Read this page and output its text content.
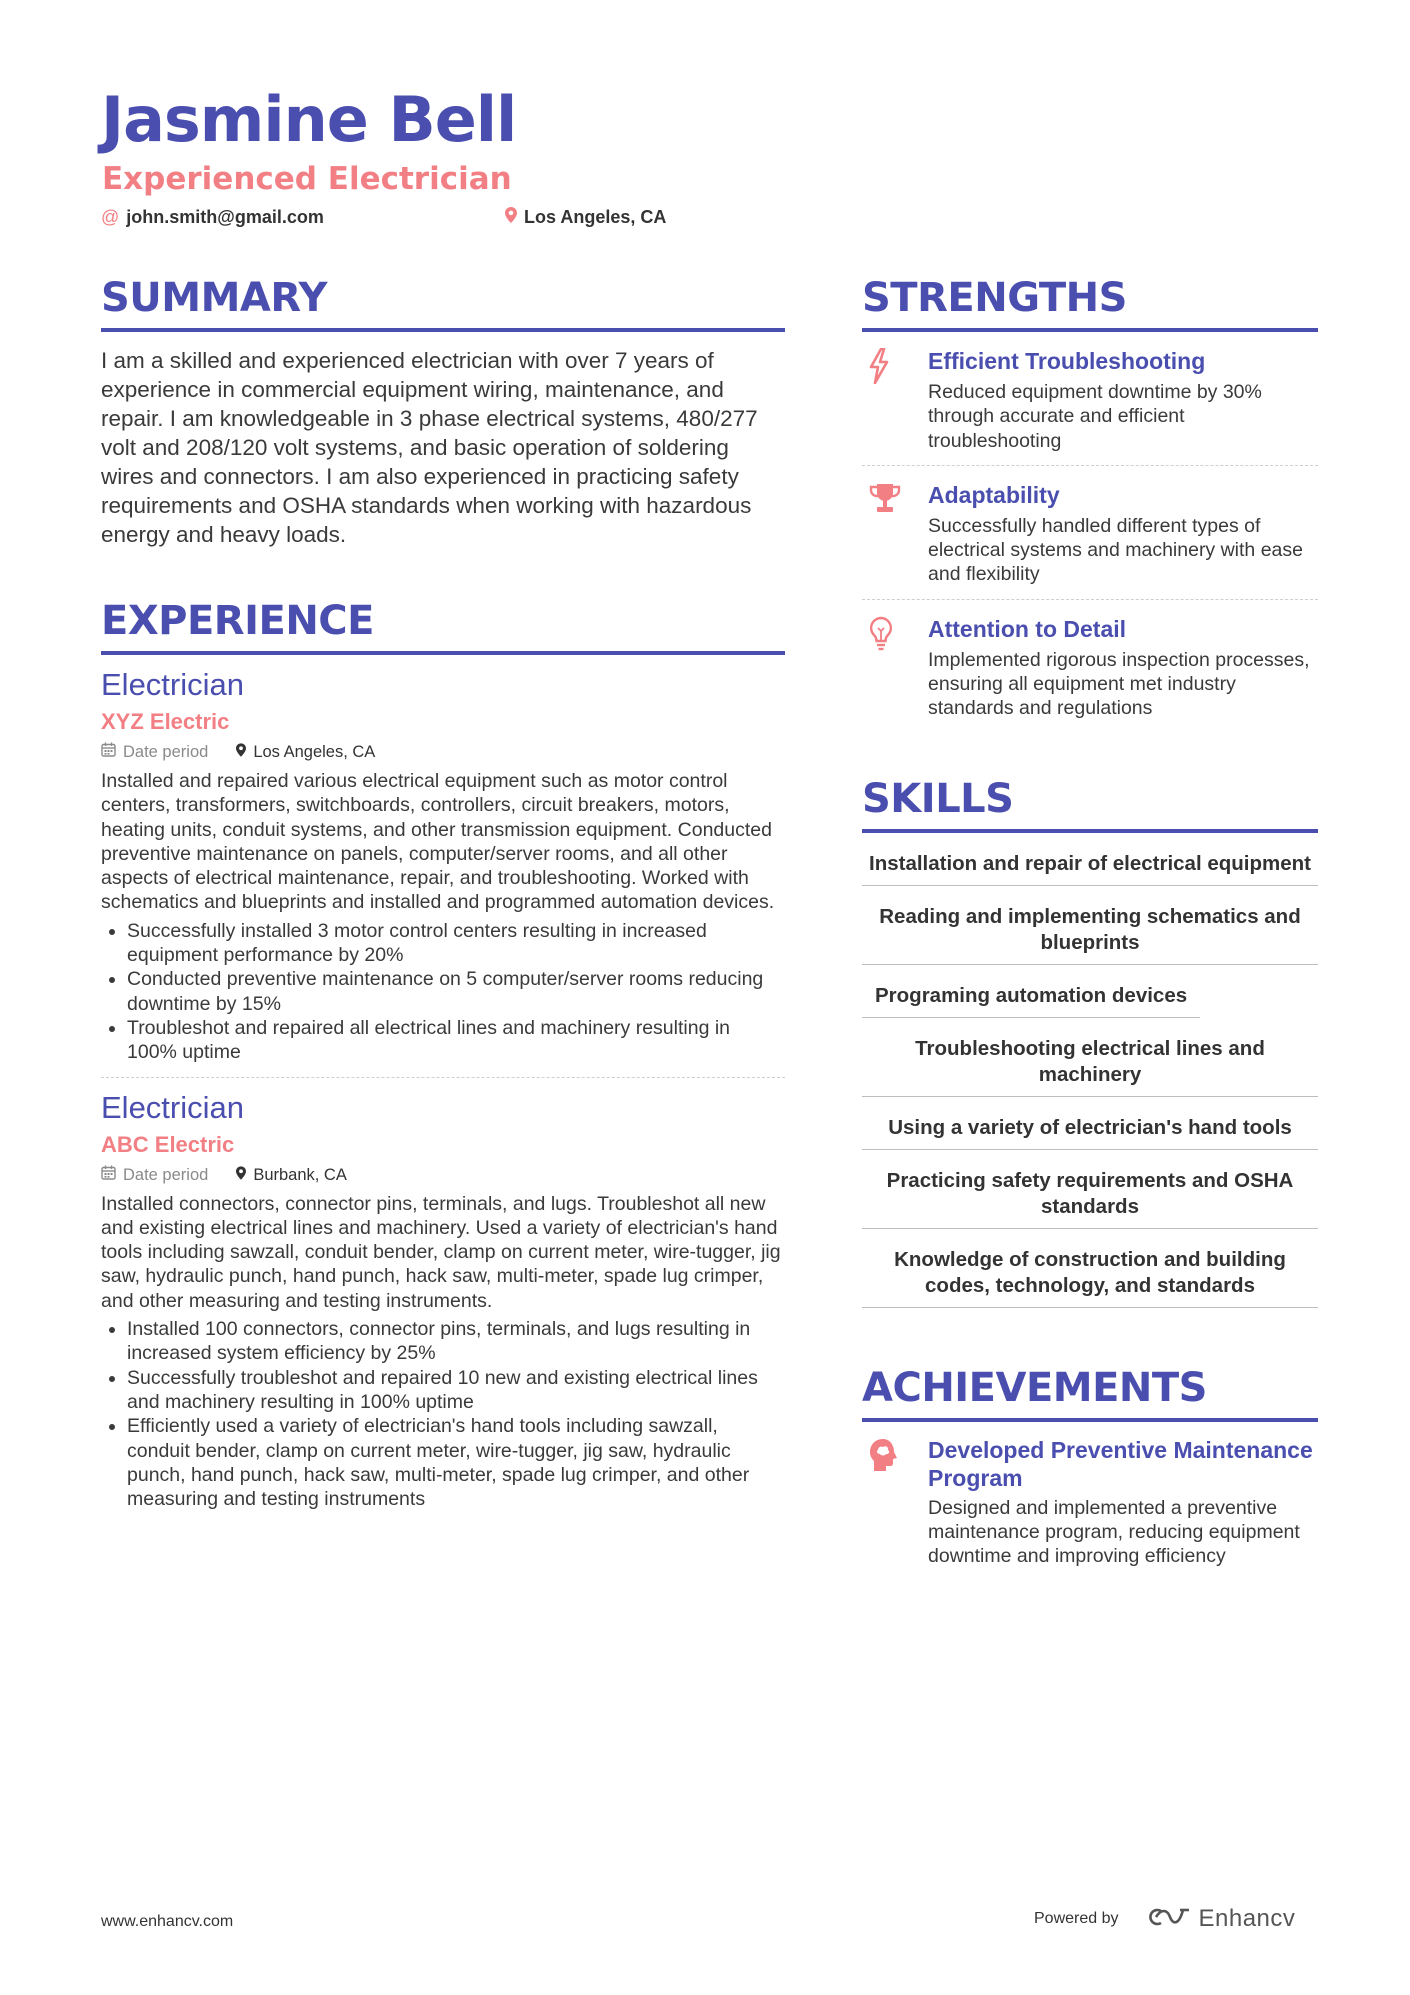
Jasmine Bell
Experienced Electrician
@ john.smith@gmail.com	Los Angeles, CA
SUMMARY
I am a skilled and experienced electrician with over 7 years of experience in commercial equipment wiring, maintenance, and repair. I am knowledgeable in 3 phase electrical systems, 480/277 volt and 208/120 volt systems, and basic operation of soldering wires and connectors. I am also experienced in practicing safety requirements and OSHA standards when working with hazardous energy and heavy loads.
EXPERIENCE
Electrician
XYZ Electric
Date period	Los Angeles, CA
Installed and repaired various electrical equipment such as motor control centers, transformers, switchboards, controllers, circuit breakers, motors, heating units, conduit systems, and other transmission equipment. Conducted preventive maintenance on panels, computer/server rooms, and all other aspects of electrical maintenance, repair, and troubleshooting. Worked with schematics and blueprints and installed and programmed automation devices.
• Successfully installed 3 motor control centers resulting in increased equipment performance by 20%
• Conducted preventive maintenance on 5 computer/server rooms reducing downtime by 15%
• Troubleshot and repaired all electrical lines and machinery resulting in 100% uptime
Electrician
ABC Electric
Date period	Burbank, CA
Installed connectors, connector pins, terminals, and lugs. Troubleshot all new and existing electrical lines and machinery. Used a variety of electrician's hand tools including sawzall, conduit bender, clamp on current meter, wire-tugger, jig saw, hydraulic punch, hand punch, hack saw, multi-meter, spade lug crimper, and other measuring and testing instruments.
• Installed 100 connectors, connector pins, terminals, and lugs resulting in increased system efficiency by 25%
• Successfully troubleshot and repaired 10 new and existing electrical lines and machinery resulting in 100% uptime
• Efficiently used a variety of electrician's hand tools including sawzall, conduit bender, clamp on current meter, wire-tugger, jig saw, hydraulic punch, hand punch, hack saw, multi-meter, spade lug crimper, and other measuring and testing instruments
STRENGTHS
Efficient Troubleshooting
Reduced equipment downtime by 30% through accurate and efficient troubleshooting
Adaptability
Successfully handled different types of electrical systems and machinery with ease and flexibility
Attention to Detail
Implemented rigorous inspection processes, ensuring all equipment met industry standards and regulations
SKILLS
Installation and repair of electrical equipment
Reading and implementing schematics and blueprints
Programing automation devices
Troubleshooting electrical lines and machinery
Using a variety of electrician's hand tools
Practicing safety requirements and OSHA standards
Knowledge of construction and building codes, technology, and standards
ACHIEVEMENTS
Developed Preventive Maintenance Program
Designed and implemented a preventive maintenance program, reducing equipment downtime and improving efficiency
www.enhancv.com	Powered by	Enhancv
